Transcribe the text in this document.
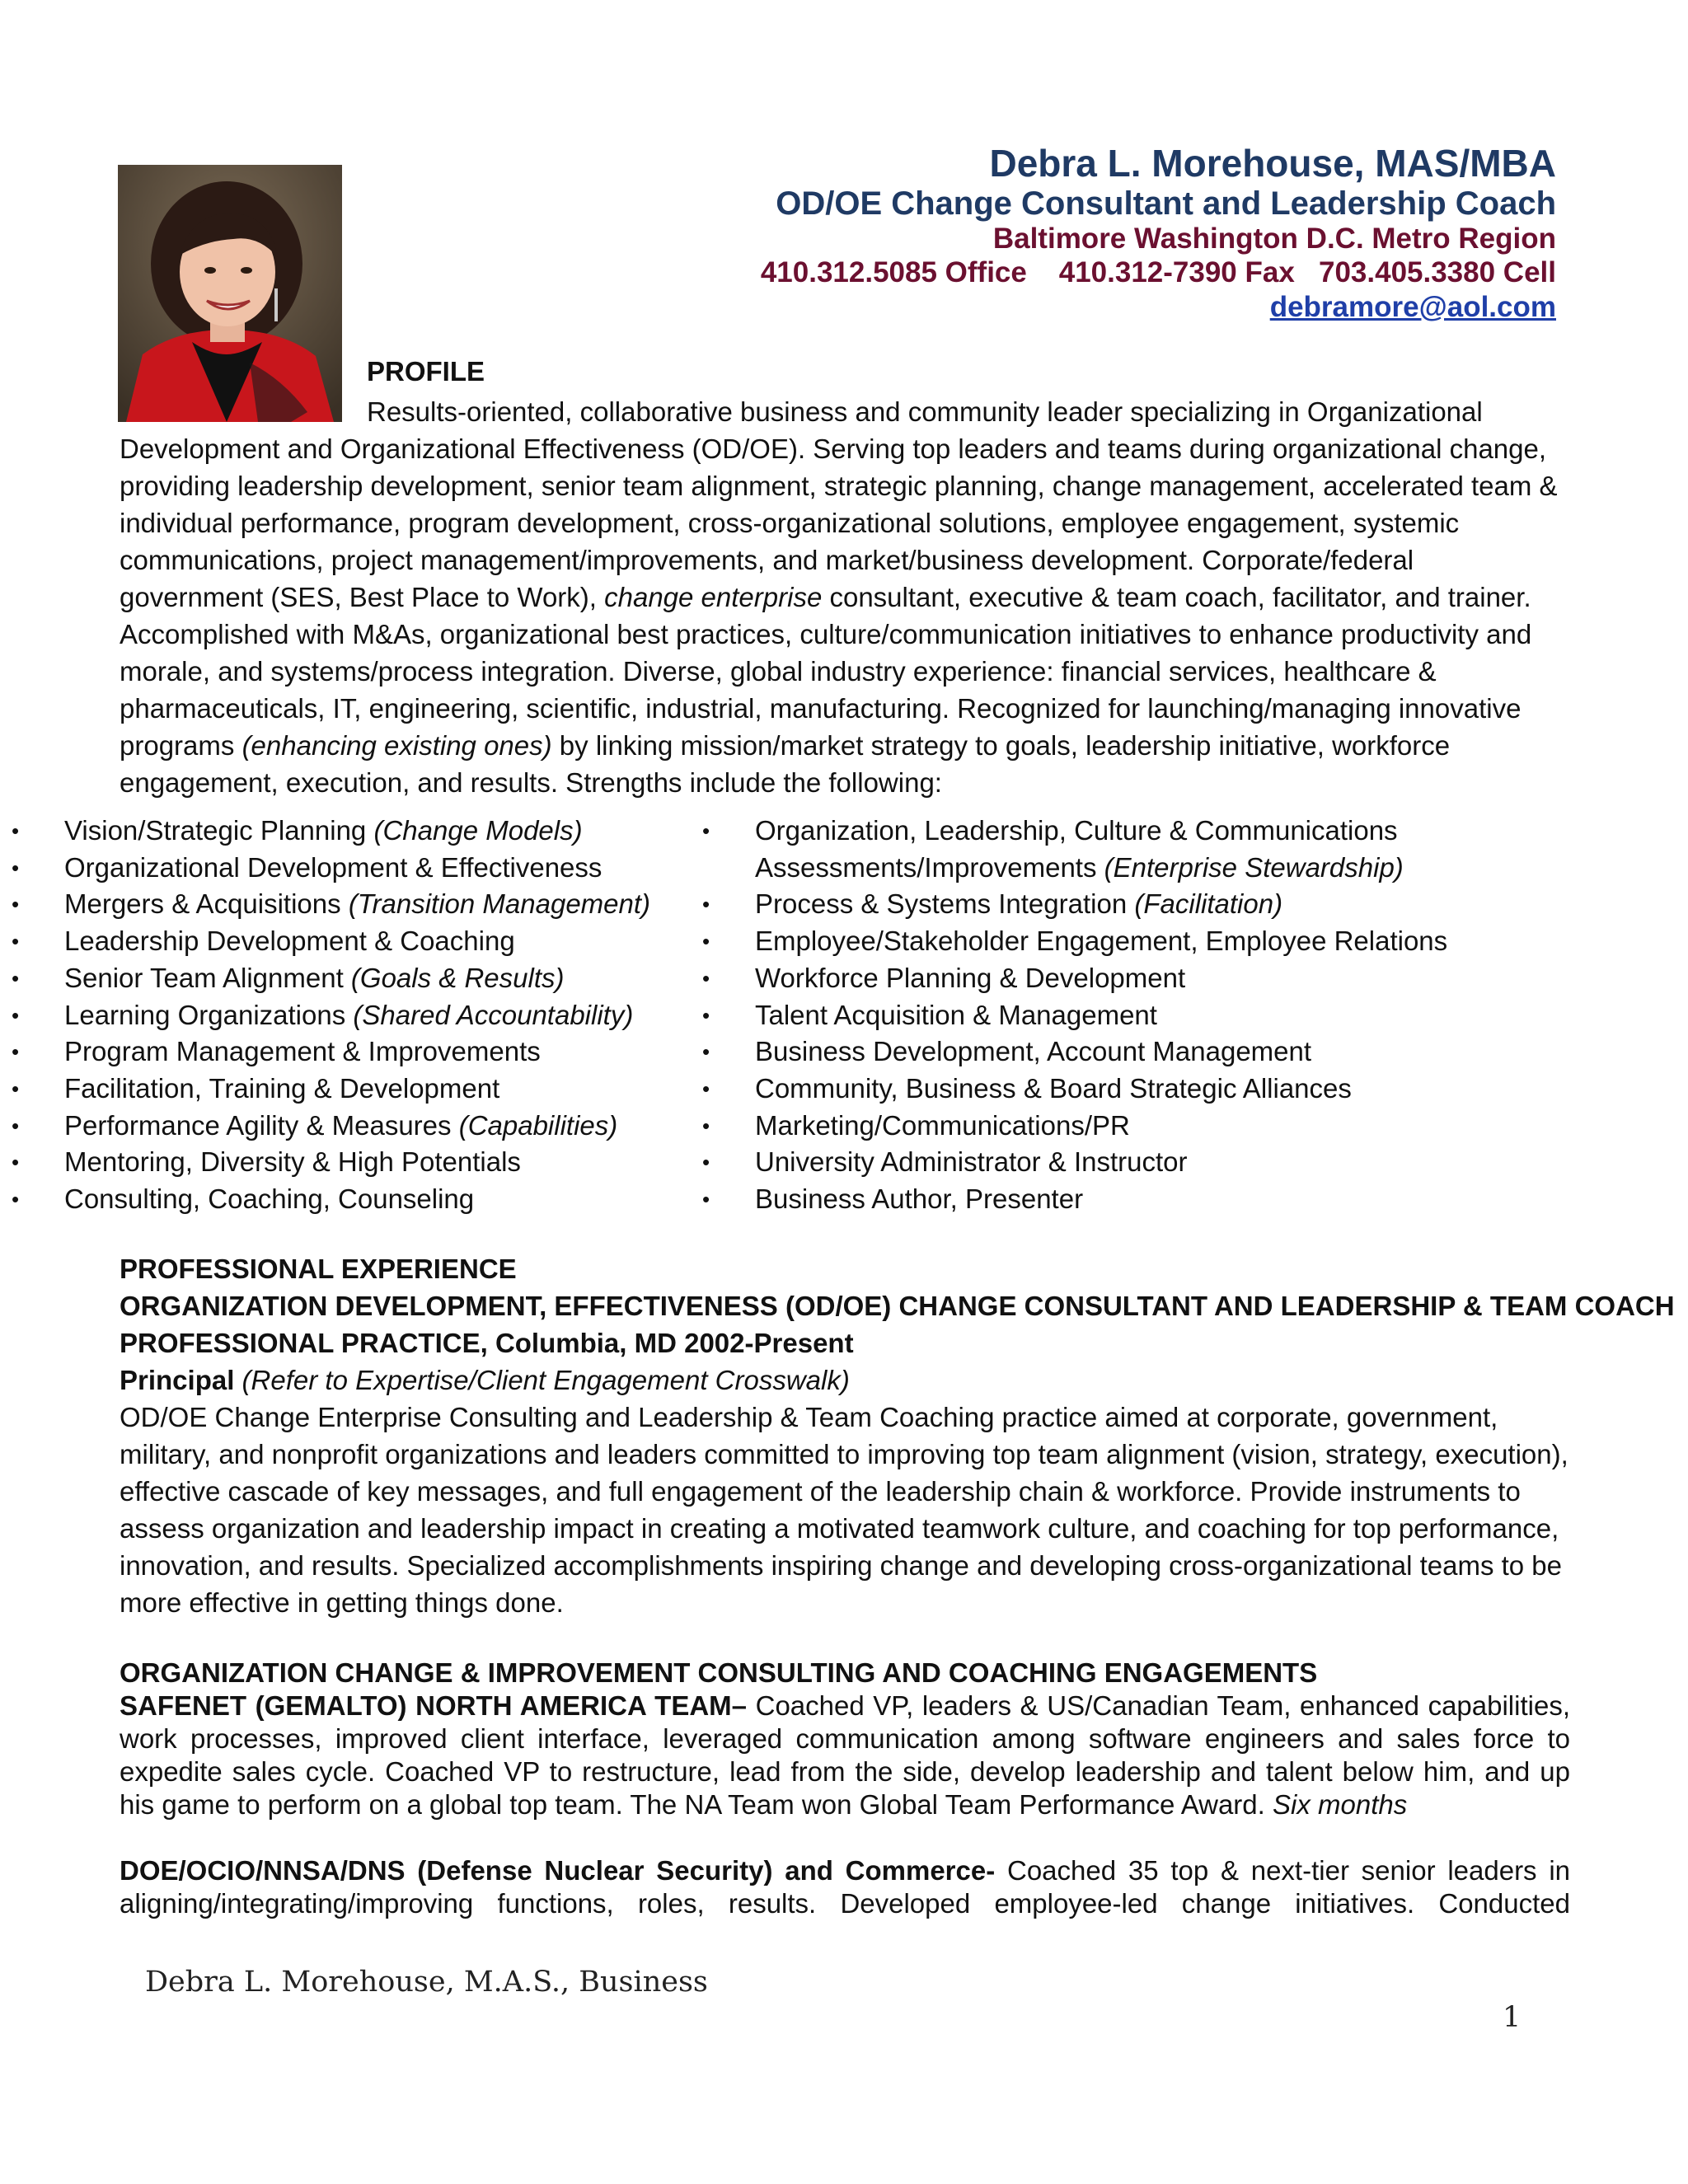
Debra L. Morehouse, MAS/MBA
OD/OE Change Consultant and Leadership Coach
Baltimore Washington D.C. Metro Region
410.312.5085 Office    410.312-7390 Fax   703.405.3380 Cell
debramore@aol.com
PROFILE
Results-oriented, collaborative business and community leader specializing in Organizational Development and Organizational Effectiveness (OD/OE). Serving top leaders and teams during organizational change, providing leadership development, senior team alignment, strategic planning, change management, accelerated team & individual performance, program development, cross-organizational solutions, employee engagement, systemic communications, project management/improvements, and market/business development. Corporate/federal government (SES, Best Place to Work), change enterprise consultant, executive & team coach, facilitator, and trainer. Accomplished with M&As, organizational best practices, culture/communication initiatives to enhance productivity and morale, and systems/process integration. Diverse, global industry experience: financial services, healthcare & pharmaceuticals, IT, engineering, scientific, industrial, manufacturing. Recognized for launching/managing innovative programs (enhancing existing ones) by linking mission/market strategy to goals, leadership initiative, workforce engagement, execution, and results. Strengths include the following:
• Vision/Strategic Planning (Change Models)
• Organizational Development & Effectiveness
• Mergers & Acquisitions (Transition Management)
• Leadership Development & Coaching
• Senior Team Alignment (Goals & Results)
• Learning Organizations (Shared Accountability)
• Program Management & Improvements
• Facilitation, Training & Development
• Performance Agility & Measures (Capabilities)
• Mentoring, Diversity & High Potentials
• Consulting, Coaching, Counseling
• Organization, Leadership, Culture & Communications
Assessments/Improvements (Enterprise Stewardship)
• Process & Systems Integration (Facilitation)
• Employee/Stakeholder Engagement, Employee Relations
• Workforce Planning & Development
• Talent Acquisition & Management
• Business Development, Account Management
• Community, Business & Board Strategic Alliances
• Marketing/Communications/PR
• University Administrator & Instructor
• Business Author, Presenter
PROFESSIONAL EXPERIENCE
ORGANIZATION DEVELOPMENT, EFFECTIVENESS (OD/OE) CHANGE CONSULTANT AND LEADERSHIP & TEAM COACH
PROFESSIONAL PRACTICE, Columbia, MD 2002-Present
Principal (Refer to Expertise/Client Engagement Crosswalk)
OD/OE Change Enterprise Consulting and Leadership & Team Coaching practice aimed at corporate, government, military, and nonprofit organizations and leaders committed to improving top team alignment (vision, strategy, execution), effective cascade of key messages, and full engagement of the leadership chain & workforce. Provide instruments to assess organization and leadership impact in creating a motivated teamwork culture, and coaching for top performance, innovation, and results. Specialized accomplishments inspiring change and developing cross-organizational teams to be more effective in getting things done.
ORGANIZATION CHANGE & IMPROVEMENT CONSULTING AND COACHING ENGAGEMENTS
SAFENET (GEMALTO) NORTH AMERICA TEAM– Coached VP, leaders & US/Canadian Team, enhanced capabilities, work processes, improved client interface, leveraged communication among software engineers and sales force to expedite sales cycle. Coached VP to restructure, lead from the side, develop leadership and talent below him, and up his game to perform on a global top team. The NA Team won Global Team Performance Award. Six months
DOE/OCIO/NNSA/DNS (Defense Nuclear Security) and Commerce- Coached 35 top & next-tier senior leaders in aligning/integrating/improving functions, roles, results. Developed employee-led change initiatives. Conducted
Debra L. Morehouse, M.A.S., Business
1
